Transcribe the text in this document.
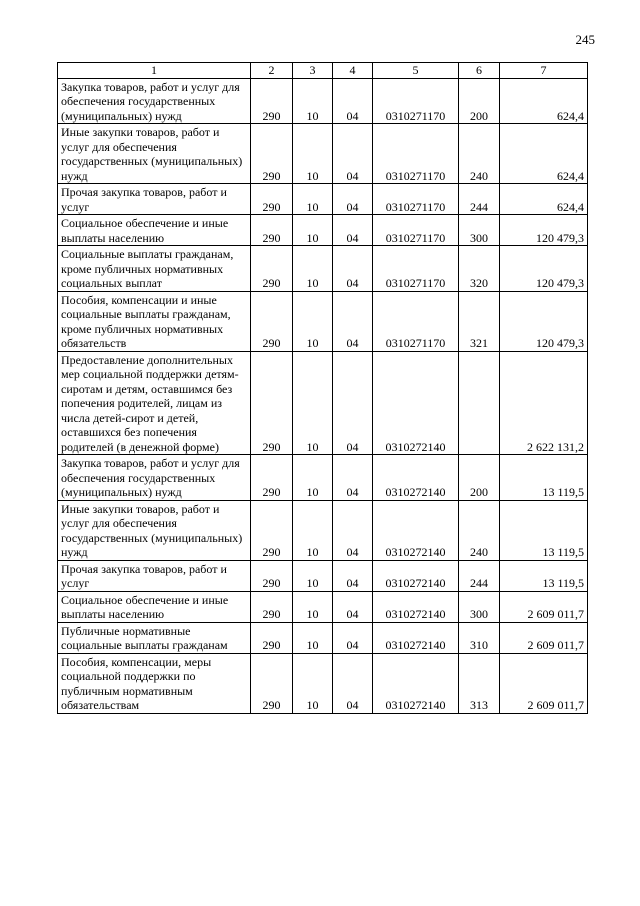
245
1	2	3	4	5	6	7
Закупка товаров, работ и услуг для обеспечения государственных (муниципальных) нужд	290	10	04	0310271170	200	624,4
Иные закупки товаров, работ и услуг для обеспечения государственных (муниципальных) нужд	290	10	04	0310271170	240	624,4
Прочая закупка товаров, работ и услуг	290	10	04	0310271170	244	624,4
Социальное обеспечение и иные выплаты населению	290	10	04	0310271170	300	120 479,3
Социальные выплаты гражданам, кроме публичных нормативных социальных выплат	290	10	04	0310271170	320	120 479,3
Пособия, компенсации и иные социальные выплаты гражданам, кроме публичных нормативных обязательств	290	10	04	0310271170	321	120 479,3
Предоставление дополнительных мер социальной поддержки детям-сиротам и детям, оставшимся без попечения родителей, лицам из числа детей-сирот и детей, оставшихся без попечения родителей (в денежной форме)	290	10	04	0310272140		2 622 131,2
Закупка товаров, работ и услуг для обеспечения государственных (муниципальных) нужд	290	10	04	0310272140	200	13 119,5
Иные закупки товаров, работ и услуг для обеспечения государственных (муниципальных) нужд	290	10	04	0310272140	240	13 119,5
Прочая закупка товаров, работ и услуг	290	10	04	0310272140	244	13 119,5
Социальное обеспечение и иные выплаты населению	290	10	04	0310272140	300	2 609 011,7
Публичные нормативные социальные выплаты гражданам	290	10	04	0310272140	310	2 609 011,7
Пособия, компенсации, меры социальной поддержки по публичным нормативным обязательствам	290	10	04	0310272140	313	2 609 011,7
